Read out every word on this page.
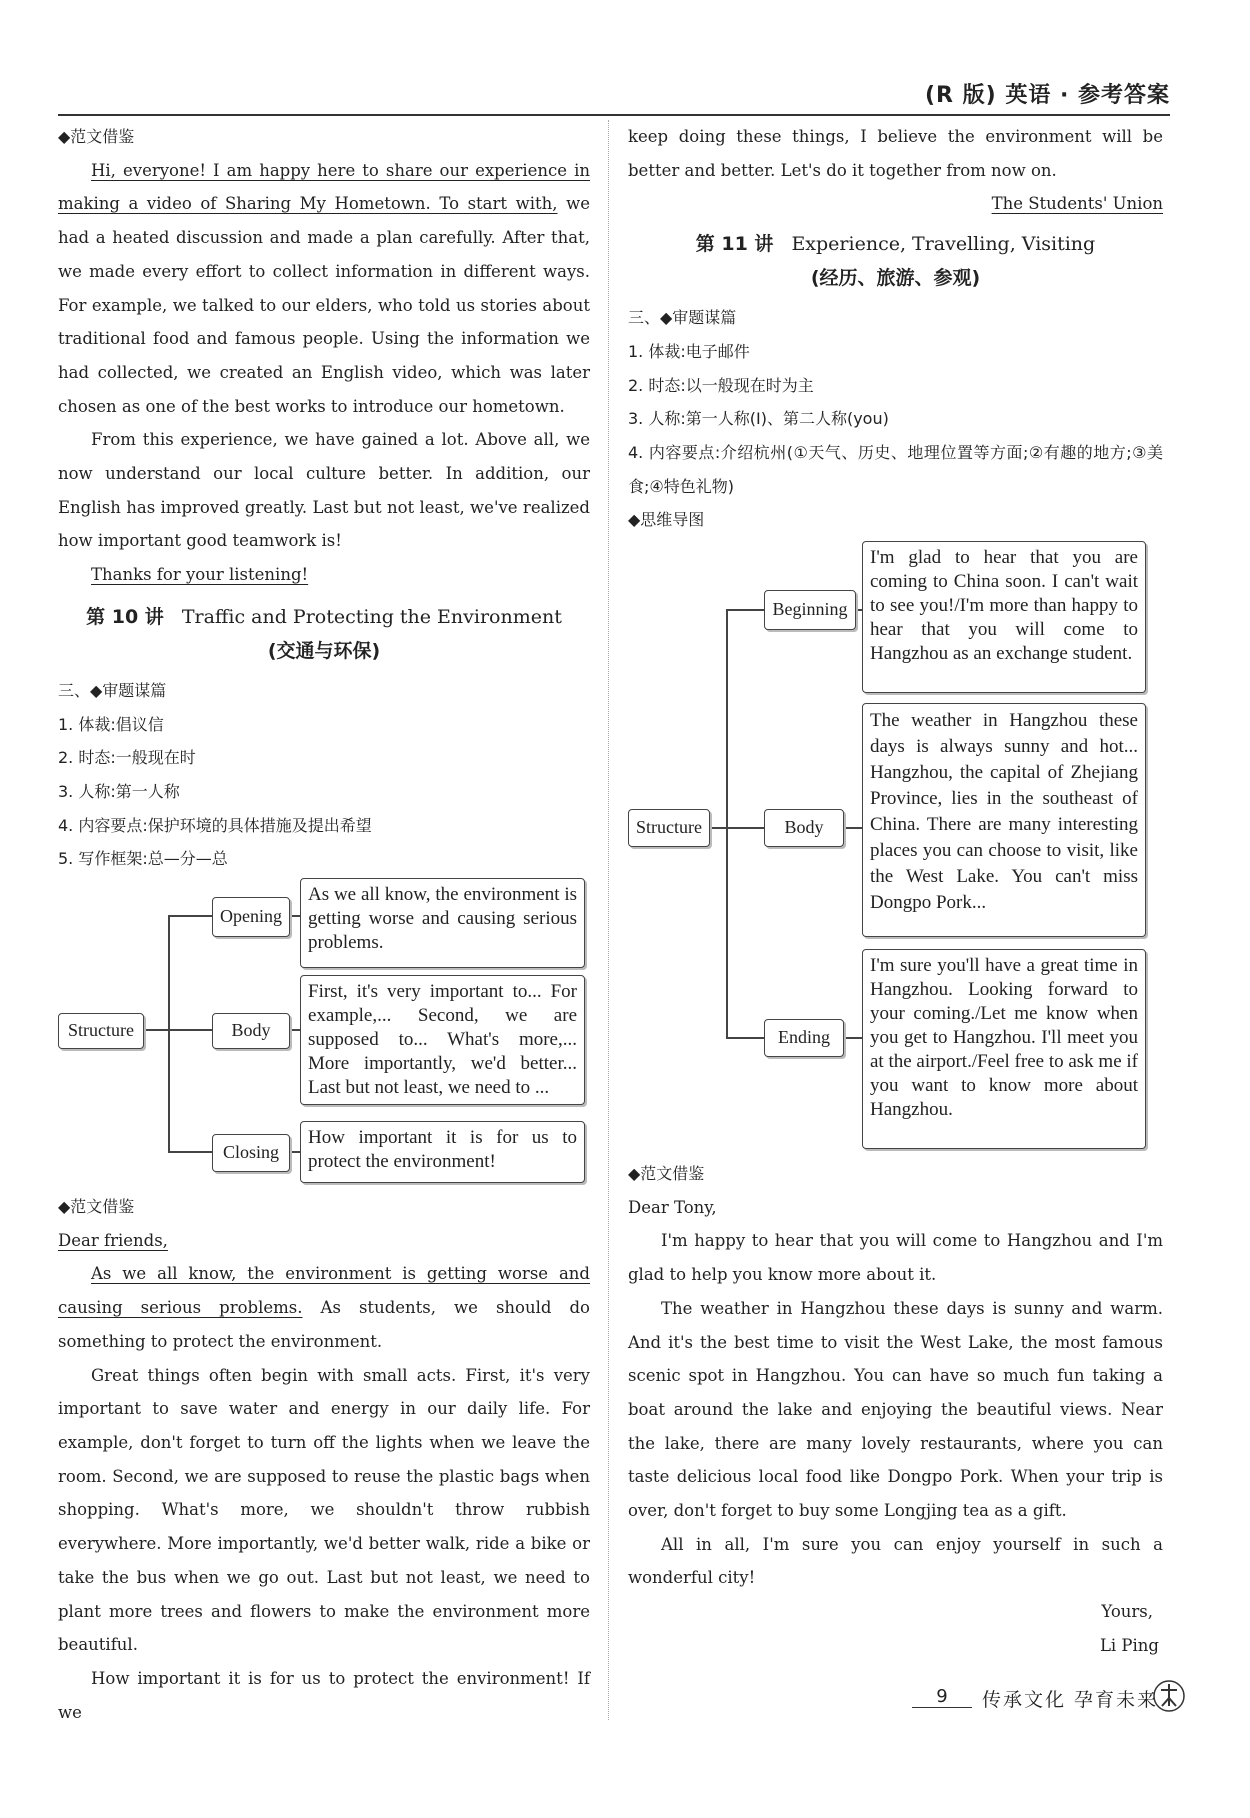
(R 版) 英语 · 参考答案

◆范文借鉴

Hi, everyone! I am happy here to share our experience in making a video of Sharing My Hometown. To start with, we had a heated discussion and made a plan carefully. After that, we made every effort to collect information in different ways. For example, we talked to our elders, who told us stories about traditional food and famous people. Using the information we had collected, we created an English video, which was later chosen as one of the best works to introduce our hometown.

From this experience, we have gained a lot. Above all, we now understand our local culture better. In addition, our English has improved greatly. Last but not least, we've realized how important good teamwork is!

Thanks for your listening!

第 10 讲 Traffic and Protecting the Environment

(交通与环保)

三、◆审题谋篇

1. 体裁:倡议信

2. 时态:一般现在时

3. 人称:第一人称

4. 内容要点:保护环境的具体措施及提出希望

5. 写作框架:总—分—总

Structure
Opening
Body
Closing
As we all know, the environment is getting worse and causing serious problems.
First, it's very important to... For example,... Second, we are supposed to... What's more,... More importantly, we'd better... Last but not least, we need to ...
How important it is for us to protect the environment!

◆范文借鉴

Dear friends,

As we all know, the environment is getting worse and causing serious problems. As students, we should do something to protect the environment.

Great things often begin with small acts. First, it's very important to save water and energy in our daily life. For example, don't forget to turn off the lights when we leave the room. Second, we are supposed to reuse the plastic bags when shopping. What's more, we shouldn't throw rubbish everywhere. More importantly, we'd better walk, ride a bike or take the bus when we go out. Last but not least, we need to plant more trees and flowers to make the environment more beautiful.

How important it is for us to protect the environment! If we

keep doing these things, I believe the environment will be better and better. Let's do it together from now on.

The Students' Union

第 11 讲 Experience, Travelling, Visiting

(经历、旅游、参观)

三、◆审题谋篇

1. 体裁:电子邮件

2. 时态:以一般现在时为主

3. 人称:第一人称(I)、第二人称(you)

4. 内容要点:介绍杭州(①天气、历史、地理位置等方面;②有趣的地方;③美食;④特色礼物)

◆思维导图

Structure
Beginning
Body
Ending
I'm glad to hear that you are coming to China soon. I can't wait to see you!/I'm more than happy to hear that you will come to Hangzhou as an exchange student.
The weather in Hangzhou these days is always sunny and hot... Hangzhou, the capital of Zhejiang Province, lies in the southeast of China. There are many interesting places you can choose to visit, like the West Lake. You can't miss Dongpo Pork...
I'm sure you'll have a great time in Hangzhou. Looking forward to your coming./Let me know when you get to Hangzhou. I'll meet you at the airport./Feel free to ask me if you want to know more about Hangzhou.

◆范文借鉴

Dear Tony,

I'm happy to hear that you will come to Hangzhou and I'm glad to help you know more about it.

The weather in Hangzhou these days is sunny and warm. And it's the best time to visit the West Lake, the most famous scenic spot in Hangzhou. You can have so much fun taking a boat around the lake and enjoying the beautiful views. Near the lake, there are many lovely restaurants, where you can taste delicious local food like Dongpo Pork. When your trip is over, don't forget to buy some Longjing tea as a gift.

All in all, I'm sure you can enjoy yourself in such a wonderful city!

Yours,

Li Ping

9	传承文化 孕育未来
